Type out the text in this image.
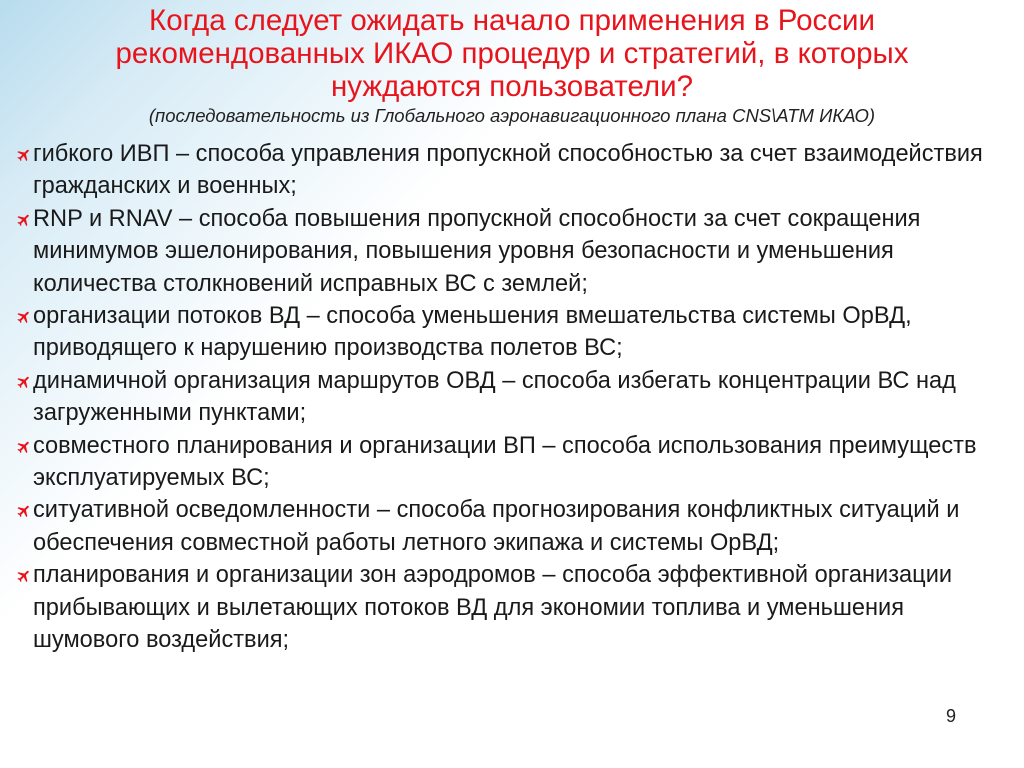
Когда следует ожидать начало применения в России рекомендованных ИКАО процедур и стратегий, в которых нуждаются пользователи?
(последовательность из Глобального аэронавигационного плана CNS\ATM ИКАО)
гибкого ИВП – способа управления пропускной способностью за счет взаимодействия гражданских и военных;
RNP и RNAV – способа повышения пропускной способности за счет сокращения минимумов эшелонирования, повышения уровня безопасности и уменьшения количества столкновений исправных ВС с землей;
организации потоков ВД – способа уменьшения вмешательства системы ОрВД, приводящего к нарушению производства полетов ВС;
динамичной организация маршрутов ОВД – способа избегать концентрации ВС над загруженными пунктами;
совместного планирования и организации ВП – способа использования преимуществ эксплуатируемых ВС;
ситуативной осведомленности – способа прогнозирования конфликтных ситуаций и обеспечения совместной работы летного экипажа и системы ОрВД;
планирования и организации зон аэродромов – способа эффективной организации прибывающих и вылетающих потоков ВД для экономии топлива и уменьшения шумового воздействия;
9
